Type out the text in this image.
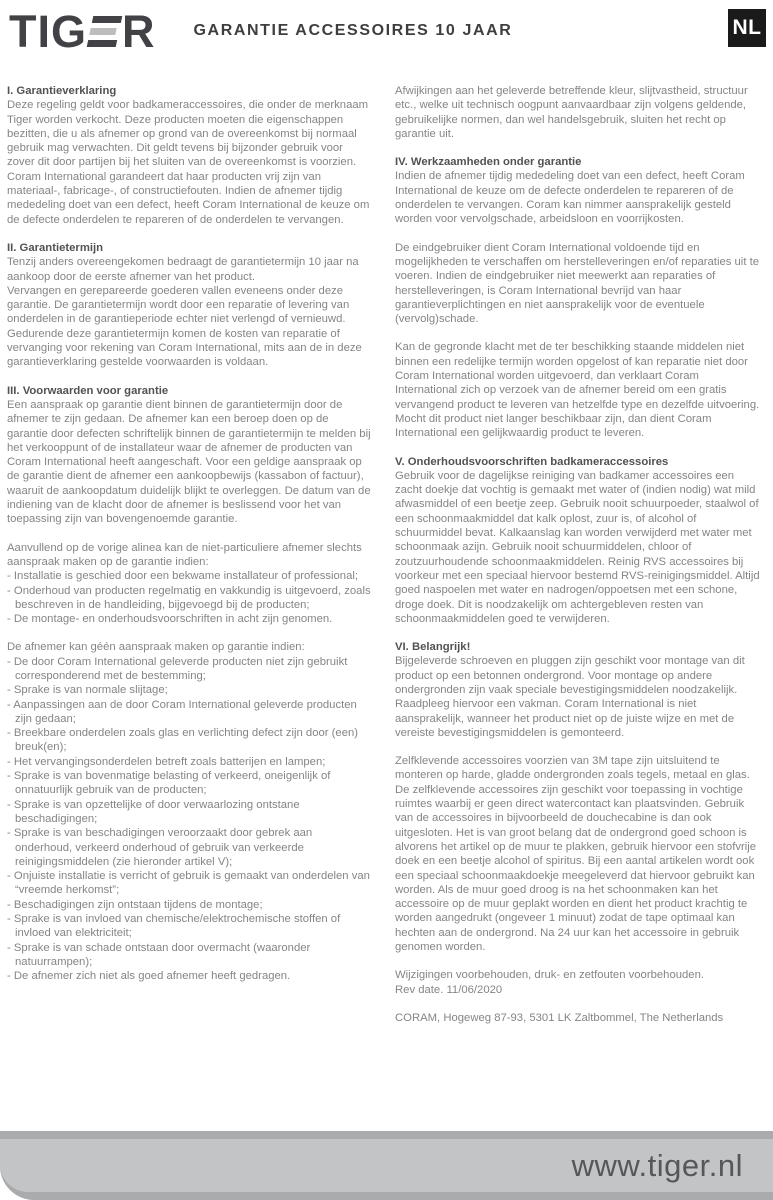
TIG R GARANTIE ACCESSOIRES 10 JAAR	NL
I. Garantieverklaring

Deze regeling geldt voor badkameraccessoires, die onder de merknaam Tiger worden verkocht. Deze producten moeten die eigenschappen bezitten, die u als afnemer op grond van de overeenkomst bij normaal gebruik mag verwachten. Dit geldt tevens bij bijzonder gebruik voor zover dit door partijen bij het sluiten van de overeenkomst is voorzien. Coram International garandeert dat haar producten vrij zijn van materiaal-, fabricage-, of constructiefouten. Indien de afnemer tijdig mededeling doet van een defect, heeft Coram International de keuze om de defecte onderdelen te repareren of de onderdelen te vervangen.

II. Garantietermijn

Tenzij anders overeengekomen bedraagt de garantietermijn 10 jaar na aankoop door de eerste afnemer van het product.

Vervangen en gerepareerde goederen vallen eveneens onder deze garantie. De garantietermijn wordt door een reparatie of levering van onderdelen in de garantieperiode echter niet verlengd of vernieuwd.

Gedurende deze garantietermijn komen de kosten van reparatie of vervanging voor rekening van Coram International, mits aan de in deze garantieverklaring gestelde voorwaarden is voldaan.

III. Voorwaarden voor garantie

Een aanspraak op garantie dient binnen de garantietermijn door de afnemer te zijn gedaan. De afnemer kan een beroep doen op de garantie door defecten schriftelijk binnen de garantietermijn te melden bij het verkooppunt of de installateur waar de afnemer de producten van Coram International heeft aangeschaft. Voor een geldige aanspraak op de garantie dient de afnemer een aankoopbewijs (kassabon of factuur), waaruit de aankoopdatum duidelijk blijkt te overleggen. De datum van de indiening van de klacht door de afnemer is beslissend voor het van toepassing zijn van bovengenoemde garantie.

Aanvullend op de vorige alinea kan de niet-particuliere afnemer slechts aanspraak maken op de garantie indien:

- Installatie is geschied door een bekwame installateur of professional;

- Onderhoud van producten regelmatig en vakkundig is uitgevoerd, zoals beschreven in de handleiding, bijgevoegd bij de producten;

- De montage- en onderhoudsvoorschriften in acht zijn genomen.

De afnemer kan géén aanspraak maken op garantie indien:

- De door Coram International geleverde producten niet zijn gebruikt corresponderend met de bestemming;

- Sprake is van normale slijtage;

- Aanpassingen aan de door Coram International geleverde producten zijn gedaan;

- Breekbare onderdelen zoals glas en verlichting defect zijn door (een) breuk(en);

- Het vervangingsonderdelen betreft zoals batterijen en lampen;

- Sprake is van bovenmatige belasting of verkeerd, oneigenlijk of onnatuurlijk gebruik van de producten;

- Sprake is van opzettelijke of door verwaarlozing ontstane beschadigingen;

- Sprake is van beschadigingen veroorzaakt door gebrek aan onderhoud, verkeerd onderhoud of gebruik van verkeerde reinigingsmiddelen (zie hieronder artikel V);

- Onjuiste installatie is verricht of gebruik is gemaakt van onderdelen van “vreemde herkomst”;

- Beschadigingen zijn ontstaan tijdens de montage;

- Sprake is van invloed van chemische/elektrochemische stoffen of invloed van elektriciteit;

- Sprake is van schade ontstaan door overmacht (waaronder natuurrampen);

- De afnemer zich niet als goed afnemer heeft gedragen.

Afwijkingen aan het geleverde betreffende kleur, slijtvastheid, structuur etc., welke uit technisch oogpunt aanvaardbaar zijn volgens geldende, gebruikelijke normen, dan wel handelsgebruik, sluiten het recht op garantie uit.

IV. Werkzaamheden onder garantie

Indien de afnemer tijdig mededeling doet van een defect, heeft Coram International de keuze om de defecte onderdelen te repareren of de onderdelen te vervangen. Coram kan nimmer aansprakelijk gesteld worden voor vervolgschade, arbeidsloon en voorrijkosten.

De eindgebruiker dient Coram International voldoende tijd en mogelijkheden te verschaffen om herstelleveringen en/of reparaties uit te voeren. Indien de eindgebruiker niet meewerkt aan reparaties of herstelleveringen, is Coram International bevrijd van haar garantieverplichtingen en niet aansprakelijk voor de eventuele (vervolg)schade.

Kan de gegronde klacht met de ter beschikking staande middelen niet binnen een redelijke termijn worden opgelost of kan reparatie niet door Coram International worden uitgevoerd, dan verklaart Coram International zich op verzoek van de afnemer bereid om een gratis vervangend product te leveren van hetzelfde type en dezelfde uitvoering. Mocht dit product niet langer beschikbaar zijn, dan dient Coram International een gelijkwaardig product te leveren.

V. Onderhoudsvoorschriften badkameraccessoires

Gebruik voor de dagelijkse reiniging van badkamer accessoires een zacht doekje dat vochtig is gemaakt met water of (indien nodig) wat mild afwasmiddel of een beetje zeep. Gebruik nooit schuurpoeder, staalwol of een schoonmaakmiddel dat kalk oplost, zuur is, of alcohol of schuurmiddel bevat. Kalkaanslag kan worden verwijderd met water met schoonmaak azijn. Gebruik nooit schuurmiddelen, chloor of zoutzuurhoudende schoonmaakmiddelen. Reinig RVS accessoires bij voorkeur met een speciaal hiervoor bestemd RVS-reinigingsmiddel. Altijd goed naspoelen met water en nadrogen/oppoetsen met een schone, droge doek. Dit is noodzakelijk om achtergebleven resten van schoonmaakmiddelen goed te verwijderen.

VI. Belangrijk!

Bijgeleverde schroeven en pluggen zijn geschikt voor montage van dit product op een betonnen ondergrond. Voor montage op andere ondergronden zijn vaak speciale bevestigingsmiddelen noodzakelijk. Raadpleeg hiervoor een vakman. Coram International is niet aansprakelijk, wanneer het product niet op de juiste wijze en met de vereiste bevestigingsmiddelen is gemonteerd.

Zelfklevende accessoires voorzien van 3M tape zijn uitsluitend te monteren op harde, gladde ondergronden zoals tegels, metaal en glas. De zelfklevende accessoires zijn geschikt voor toepassing in vochtige ruimtes waarbij er geen direct watercontact kan plaatsvinden. Gebruik van de accessoires in bijvoorbeeld de douchecabine is dan ook uitgesloten. Het is van groot belang dat de ondergrond goed schoon is alvorens het artikel op de muur te plakken, gebruik hiervoor een stofvrije doek en een beetje alcohol of spiritus. Bij een aantal artikelen wordt ook een speciaal schoonmaakdoekje meegeleverd dat hiervoor gebruikt kan worden. Als de muur goed droog is na het schoonmaken kan het accessoire op de muur geplakt worden en dient het product krachtig te worden aangedrukt (ongeveer 1 minuut) zodat de tape optimaal kan hechten aan de ondergrond. Na 24 uur kan het accessoire in gebruik genomen worden.

Wijzigingen voorbehouden, druk- en zetfouten voorbehouden.

Rev date. 11/06/2020

CORAM, Hogeweg 87-93, 5301 LK Zaltbommel, The Netherlands

www.tiger.nl
